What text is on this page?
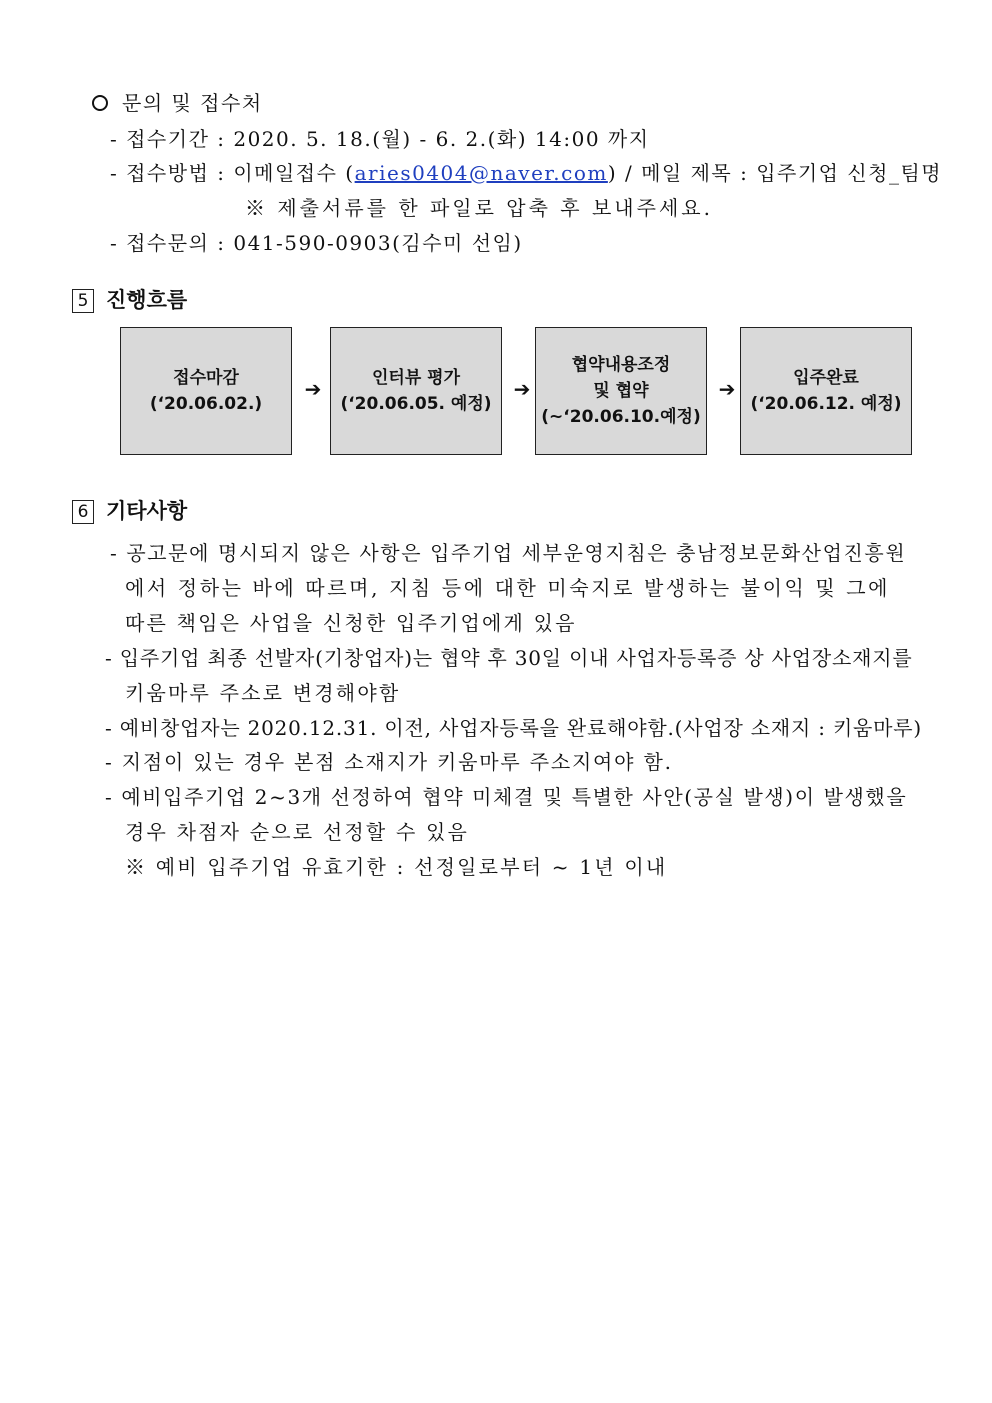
문의 및 접수처
- 접수기간 : 2020. 5. 18.(월) - 6. 2.(화) 14:00 까지
- 접수방법 : 이메일접수 (aries0404@naver.com) / 메일 제목 : 입주기업 신청_팀명
※ 제출서류를 한 파일로 압축 후 보내주세요.
- 접수문의 : 041-590-0903(김수미 선임)
5 진행흐름
접수마감
(‘20.06.02.)
➔	인터뷰 평가
(‘20.06.05. 예정)
➔
협약내용조정
및 협약
(~‘20.06.10.예정)
➔	입주완료
(‘20.06.12. 예정)
6 기타사항
- 공고문에 명시되지 않은 사항은 입주기업 세부운영지침은 충남정보문화산업진흥원
에서 정하는 바에 따르며, 지침 등에 대한 미숙지로 발생하는 불이익 및 그에
따른 책임은 사업을 신청한 입주기업에게 있음
- 입주기업 최종 선발자(기창업자)는 협약 후 30일 이내 사업자등록증 상 사업장소재지를
키움마루 주소로 변경해야함
- 예비창업자는 2020.12.31. 이전, 사업자등록을 완료해야함.(사업장 소재지 : 키움마루)
- 지점이 있는 경우 본점 소재지가 키움마루 주소지여야 함.
- 예비입주기업 2~3개 선정하여 협약 미체결 및 특별한 사안(공실 발생)이 발생했을
경우 차점자 순으로 선정할 수 있음
※ 예비 입주기업 유효기한 : 선정일로부터 ~ 1년 이내
